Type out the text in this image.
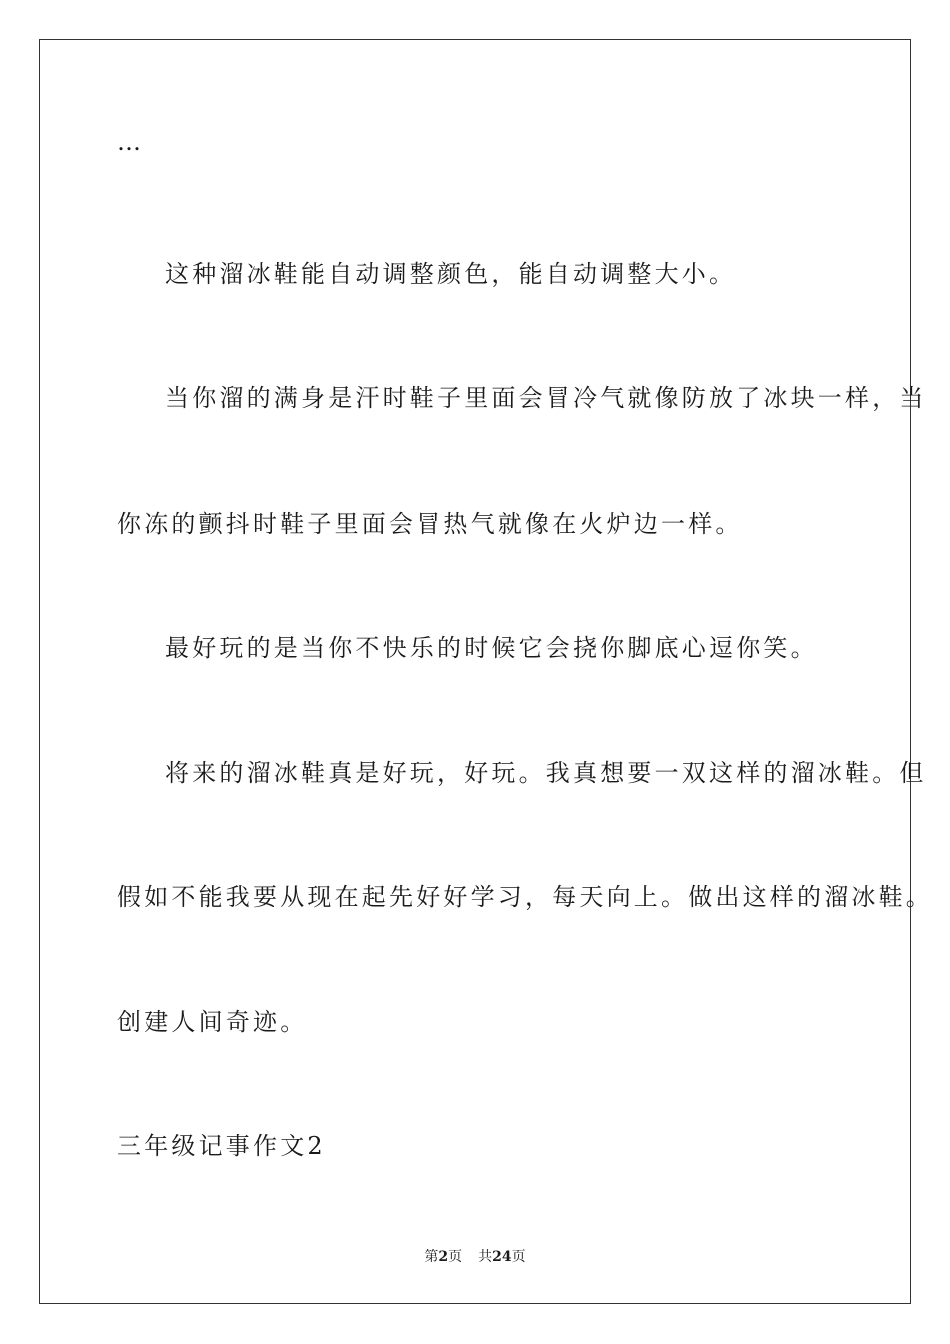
…
这种溜冰鞋能自动调整颜色，能自动调整大小。
当你溜的满身是汗时鞋子里面会冒冷气就像防放了冰块一样，当
你冻的颤抖时鞋子里面会冒热气就像在火炉边一样。
最好玩的是当你不快乐的时候它会挠你脚底心逗你笑。
将来的溜冰鞋真是好玩，好玩。我真想要一双这样的溜冰鞋。但
假如不能我要从现在起先好好学习，每天向上。做出这样的溜冰鞋。
创建人间奇迹。
三年级记事作文2
第2页 共24页
